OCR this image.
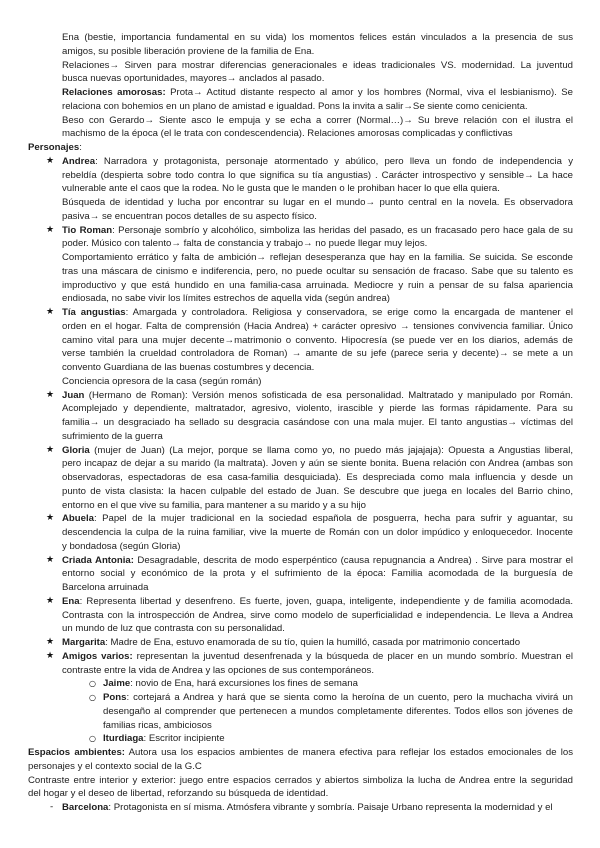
Ena (bestie, importancia fundamental en su vida) los momentos felices están vinculados a la presencia de sus
amigos, su posible liberación proviene de la familia de Ena.
Relaciones→ Sirven para mostrar diferencias generacionales e ideas tradicionales VS. modernidad. La juventud
busca nuevas oportunidades, mayores→ anclados al pasado.
Relaciones amorosas: Prota→ Actitud distante respecto al amor y los hombres (Normal, viva el lesbianismo). Se
relaciona con bohemios en un plano de amistad e igualdad. Pons la invita a salir→Se siente como cenicienta.
Beso con Gerardo→ Siente asco le empuja y se echa a correr (Normal…)→ Su breve relación con el ilustra el
machismo de la época (el le trata con condescendencia). Relaciones amorosas complicadas y conflictivas
Personajes:
★ Andrea: Narradora y protagonista, personaje atormentado y abúlico, pero lleva un fondo de independencia y
rebeldía (despierta sobre todo contra lo que significa su tía angustias) . Carácter introspectivo y sensible→ La hace
vulnerable ante el caos que la rodea. No le gusta que le manden o le prohiban hacer lo que ella quiera.
Búsqueda de identidad y lucha por encontrar su lugar en el mundo→ punto central en la novela. Es observadora
pasiva→ se encuentran pocos detalles de su aspecto físico.
★ Tio Roman: Personaje sombrío y alcohólico, simboliza las heridas del pasado, es un fracasado pero hace gala de su
poder. Músico con talento→ falta de constancia y trabajo→ no puede llegar muy lejos.
Comportamiento errático y falta de ambición→ reflejan desesperanza que hay en la familia. Se suicida. Se esconde
tras una máscara de cinismo e indiferencia, pero, no puede ocultar su sensación de fracaso. Sabe que su talento es
improductivo y que está hundido en una familia-casa arruinada. Mediocre y ruin a pensar de su falsa apariencia
endiosada, no sabe vivir los límites estrechos de aquella vida (según andrea)
★ Tía angustias: Amargada y controladora. Religiosa y conservadora, se erige como la encargada de mantener el
orden en el hogar. Falta de comprensión (Hacia Andrea) + carácter opresivo → tensiones convivencia familiar. Único
camino vital para una mujer decente→matrimonio o convento. Hipocresía (se puede ver en los diarios, además de
verse también la crueldad controladora de Roman) → amante de su jefe (parece seria y decente)→ se mete a un
convento Guardiana de las buenas costumbres y decencia.
Conciencia opresora de la casa (según román)
★ Juan (Hermano de Roman): Versión menos sofisticada de esa personalidad. Maltratado y manipulado por Román.
Acomplejado y dependiente, maltratador, agresivo, violento, irascible y pierde las formas rápidamente. Para su
familia→ un desgraciado ha sellado su desgracia casándose con una mala mujer. El tanto angustias→ víctimas del
sufrimiento de la guerra
★ Gloria (mujer de Juan) (La mejor, porque se llama como yo, no puedo más jajajaja): Opuesta a Angustias liberal,
pero incapaz de dejar a su marido (la maltrata). Joven y aún se siente bonita. Buena relación con Andrea (ambas son
observadoras, espectadoras de esa casa-familia desquiciada). Es despreciada como mala influencia y desde un
punto de vista clasista: la hacen culpable del estado de Juan. Se descubre que juega en locales del Barrio chino,
entorno en el que vive su familia, para mantener a su marido y a su hijo
★ Abuela: Papel de la mujer tradicional en la sociedad española de posguerra, hecha para sufrir y aguantar, su
descendencia la culpa de la ruina familiar, vive la muerte de Román con un dolor impúdico y enloquecedor. Inocente
y bondadosa (según Gloria)
★ Criada Antonia: Desagradable, descrita de modo esperpéntico (causa repugnancia a Andrea) . Sirve para mostrar el
entorno social y económico de la prota y el sufrimiento de la época: Familia acomodada de la burguesía de
Barcelona arruinada
★ Ena: Representa libertad y desenfreno. Es fuerte, joven, guapa, inteligente, independiente y de familia acomodada.
Contrasta con la introspección de Andrea, sirve como modelo de superficialidad e independencia. Le lleva a Andrea
un mundo de luz que contrasta con su personalidad.
★ Margarita: Madre de Ena, estuvo enamorada de su tío, quien la humilló, casada por matrimonio concertado
★ Amigos varios: representan la juventud desenfrenada y la búsqueda de placer en un mundo sombrío. Muestran el
contraste entre la vida de Andrea y las opciones de sus contemporáneos.
○ Jaime: novio de Ena, hará excursiones los fines de semana
○ Pons: cortejará a Andrea y hará que se sienta como la heroína de un cuento, pero la muchacha vivirá un
desengaño al comprender que pertenecen a mundos completamente diferentes. Todos ellos son jóvenes de
familias ricas, ambiciosos
○ Iturdiaga: Escritor incipiente
Espacios ambientes: Autora usa los espacios ambientes de manera efectiva para reflejar los estados emocionales de los
personajes y el contexto social de la G.C
Contraste entre interior y exterior: juego entre espacios cerrados y abiertos simboliza la lucha de Andrea entre la seguridad
del hogar y el deseo de libertad, reforzando su búsqueda de identidad.
- Barcelona: Protagonista en sí misma. Atmósfera vibrante y sombría. Paisaje Urbano representa la modernidad y el
